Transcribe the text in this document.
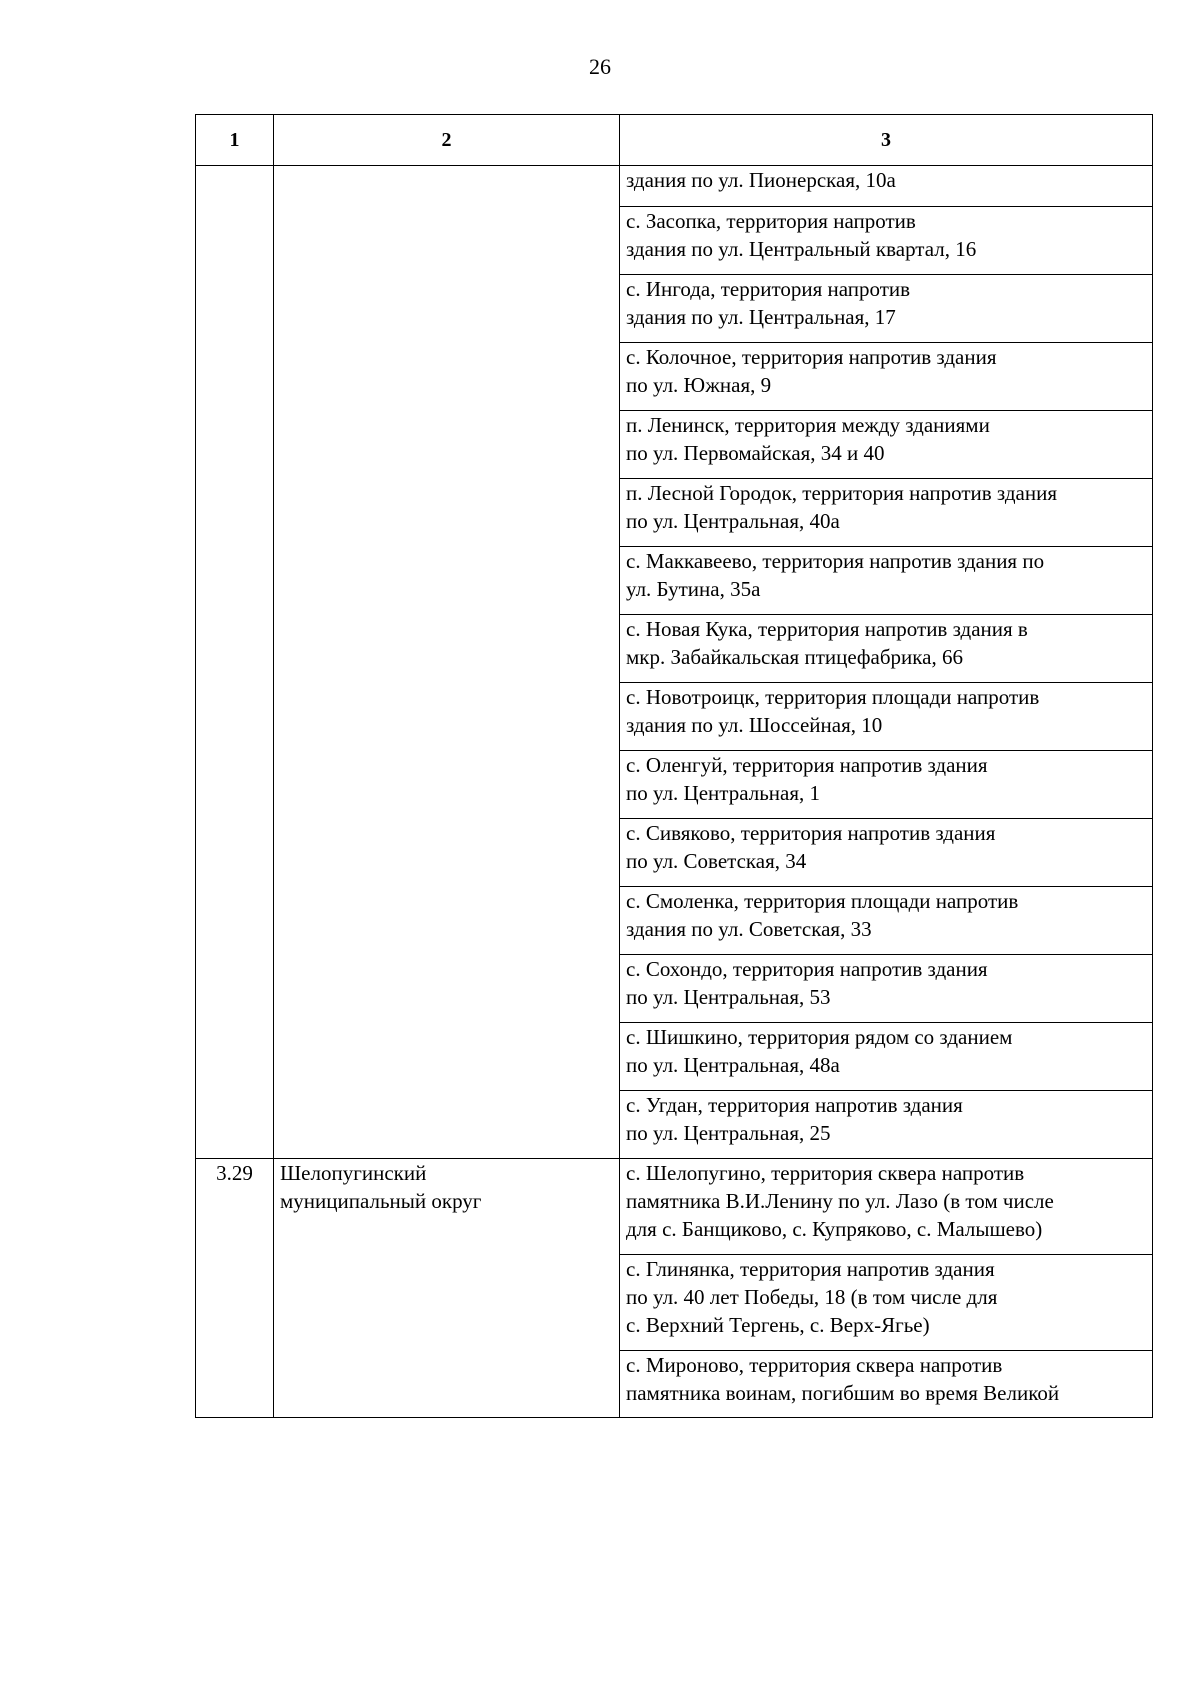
26
1	2	3

		здания по ул. Пионерская, 10а

		с. Засопка, территория напротив
здания по ул. Центральный квартал, 16

		с. Ингода, территория напротив
здания по ул. Центральная, 17

		с. Колочное, территория напротив здания
по ул. Южная, 9

		п. Ленинск, территория между зданиями
по ул. Первомайская, 34 и 40

		п. Лесной Городок, территория напротив здания
по ул. Центральная, 40а

		с. Маккавеево, территория напротив здания по
ул. Бутина, 35а

		с. Новая Кука, территория напротив здания в
мкр. Забайкальская птицефабрика, 66

		с. Новотроицк, территория площади напротив
здания по ул. Шоссейная, 10

		с. Оленгуй, территория напротив здания
по ул. Центральная, 1

		с. Сивяково, территория напротив здания
по ул. Советская, 34

		с. Смоленка, территория площади напротив
здания по ул. Советская, 33

		с. Сохондо, территория напротив здания
по ул. Центральная, 53

		с. Шишкино, территория рядом со зданием
по ул. Центральная, 48а

		с. Угдан, территория напротив здания
по ул. Центральная, 25

3.29	Шелопугинский
муниципальный округ	с. Шелопугино, территория сквера напротив
памятника В.И.Ленину по ул. Лазо (в том числе
для с. Банщиково, с. Купряково, с. Малышево)

		с. Глинянка, территория напротив здания
по ул. 40 лет Победы, 18 (в том числе для
с. Верхний Тергень, с. Верх-Ягье)

		с. Мироново, территория сквера напротив
памятника воинам, погибшим во время Великой
